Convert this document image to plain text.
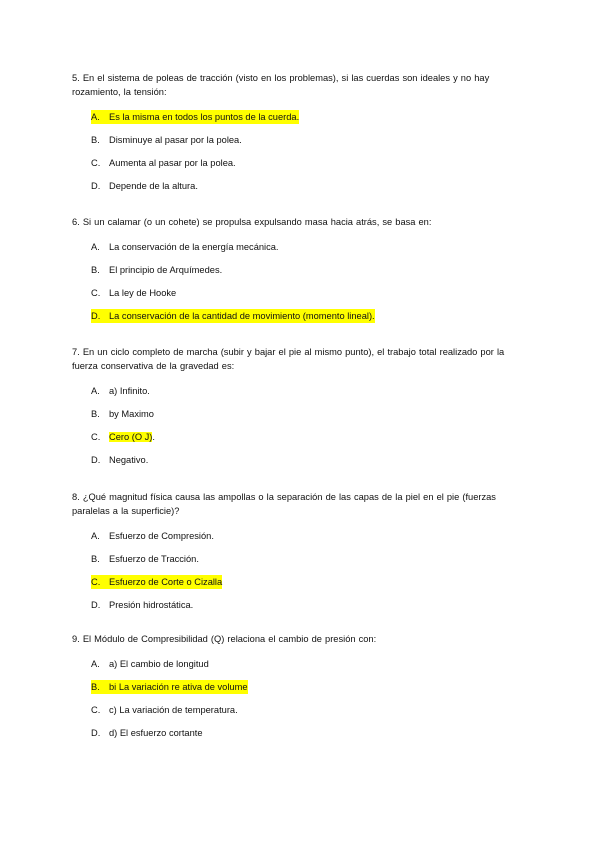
5. En el sistema de poleas de tracción (visto en los problemas), si las cuerdas son ideales y no hay rozamiento, la tensión:

A. Es la misma en todos los puntos de la cuerda.
B. Disminuye al pasar por la polea.
C. Aumenta al pasar por la polea.
D. Depende de la altura.

6. Si un calamar (o un cohete) se propulsa expulsando masa hacia atrás, se basa en:

A. La conservación de la energía mecánica.
B. El principio de Arquímedes.
C. La ley de Hooke
D. La conservación de la cantidad de movimiento (momento lineal).

7. En un ciclo completo de marcha (subir y bajar el pie al mismo punto), el trabajo total realizado por la fuerza conservativa de la gravedad es:

A. a) Infinito.
B. by Maximo
C. Cero (O J).
D. Negativo.

8. ¿Qué magnitud física causa las ampollas o la separación de las capas de la piel en el pie (fuerzas paralelas a la superficie)?

A. Esfuerzo de Compresión.
B. Esfuerzo de Tracción.
C. Esfuerzo de Corte o Cizalla
D. Presión hidrostática.

9. El Módulo de Compresibilidad (Q) relaciona el cambio de presión con:

A. a) El cambio de longitud
B. bi La variación re ativa de volume
C. c) La variación de temperatura.
D. d) El esfuerzo cortante
